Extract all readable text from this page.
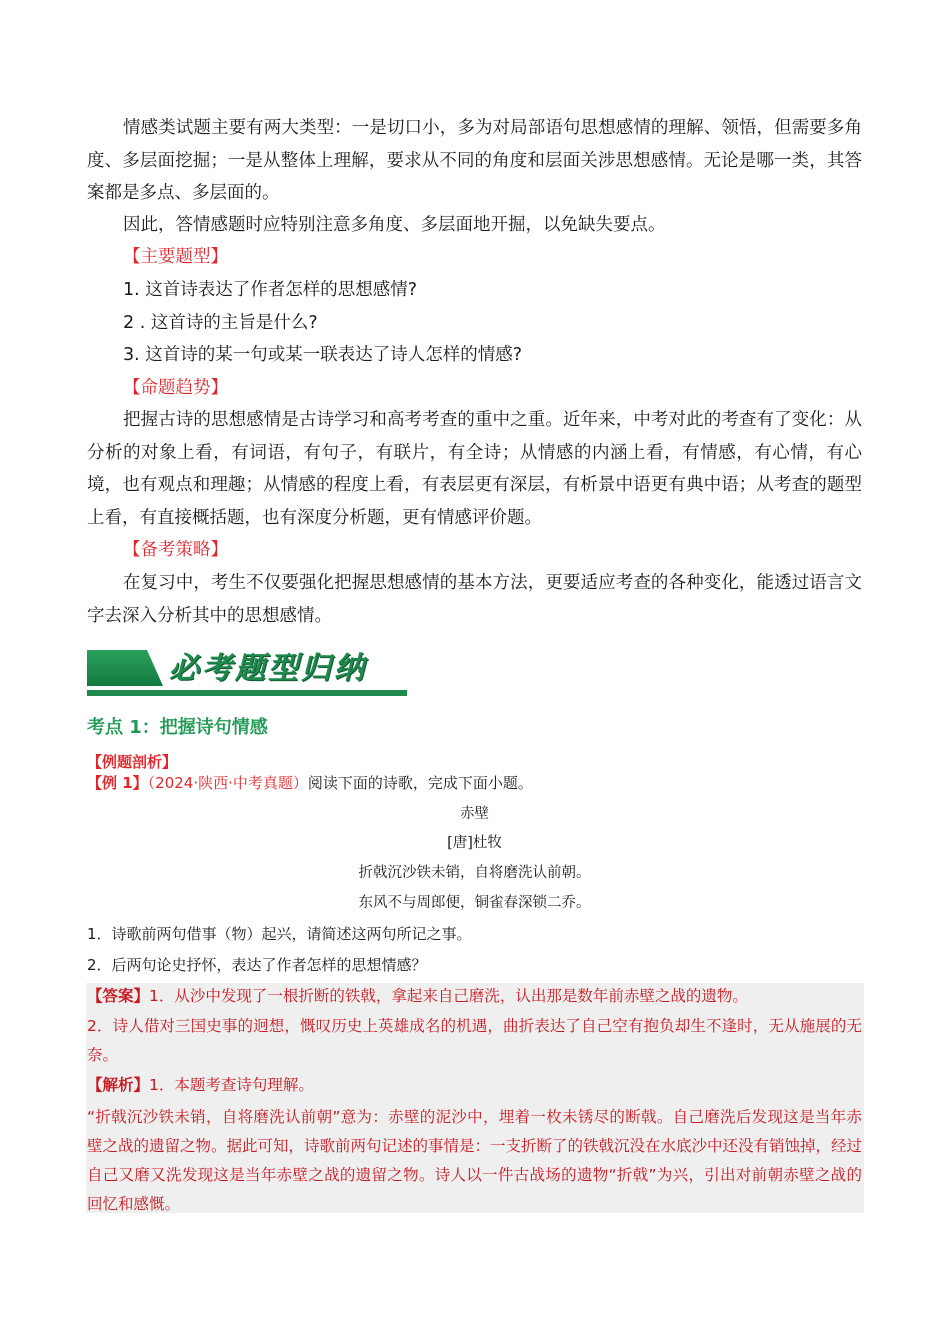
情感类试题主要有两大类型：一是切口小，多为对局部语句思想感情的理解、领悟，但需要多角度、多层面挖掘；一是从整体上理解，要求从不同的角度和层面关涉思想感情。无论是哪一类，其答案都是多点、多层面的。

因此，答情感题时应特别注意多角度、多层面地开掘，以免缺失要点。

【主要题型】

1. 这首诗表达了作者怎样的思想感情?

2 . 这首诗的主旨是什么?

3. 这首诗的某一句或某一联表达了诗人怎样的情感?

【命题趋势】

把握古诗的思想感情是古诗学习和高考考查的重中之重。近年来，中考对此的考查有了变化：从分析的对象上看，有词语，有句子，有联片，有全诗；从情感的内涵上看，有情感，有心情，有心境，也有观点和理趣；从情感的程度上看，有表层更有深层，有析景中语更有典中语；从考查的题型上看，有直接概括题，也有深度分析题，更有情感评价题。

【备考策略】

在复习中，考生不仅要强化把握思想感情的基本方法，更要适应考查的各种变化，能透过语言文字去深入分析其中的思想感情。

必考题型归纳

考点 1：把握诗句情感

【例题剖析】

【例 1】（2024·陕西·中考真题）阅读下面的诗歌，完成下面小题。

赤壁

[唐]杜牧

折戟沉沙铁未销，自将磨洗认前朝。

东风不与周郎便，铜雀春深锁二乔。

1．诗歌前两句借事（物）起兴，请简述这两句所记之事。

2．后两句论史抒怀，表达了作者怎样的思想情感？

【答案】1．从沙中发现了一根折断的铁戟，拿起来自己磨洗，认出那是数年前赤壁之战的遗物。

2．诗人借对三国史事的迥想，慨叹历史上英雄成名的机遇，曲折表达了自己空有抱负却生不逢时，无从施展的无奈。

【解析】1．本题考查诗句理解。

“折戟沉沙铁未销，自将磨洗认前朝”意为：赤壁的泥沙中，埋着一枚未锈尽的断戟。自己磨洗后发现这是当年赤壁之战的遗留之物。据此可知，诗歌前两句记述的事情是：一支折断了的铁戟沉没在水底沙中还没有销蚀掉，经过自己又磨又洗发现这是当年赤壁之战的遗留之物。诗人以一件古战场的遗物“折戟”为兴，引出对前朝赤壁之战的回忆和感慨。
